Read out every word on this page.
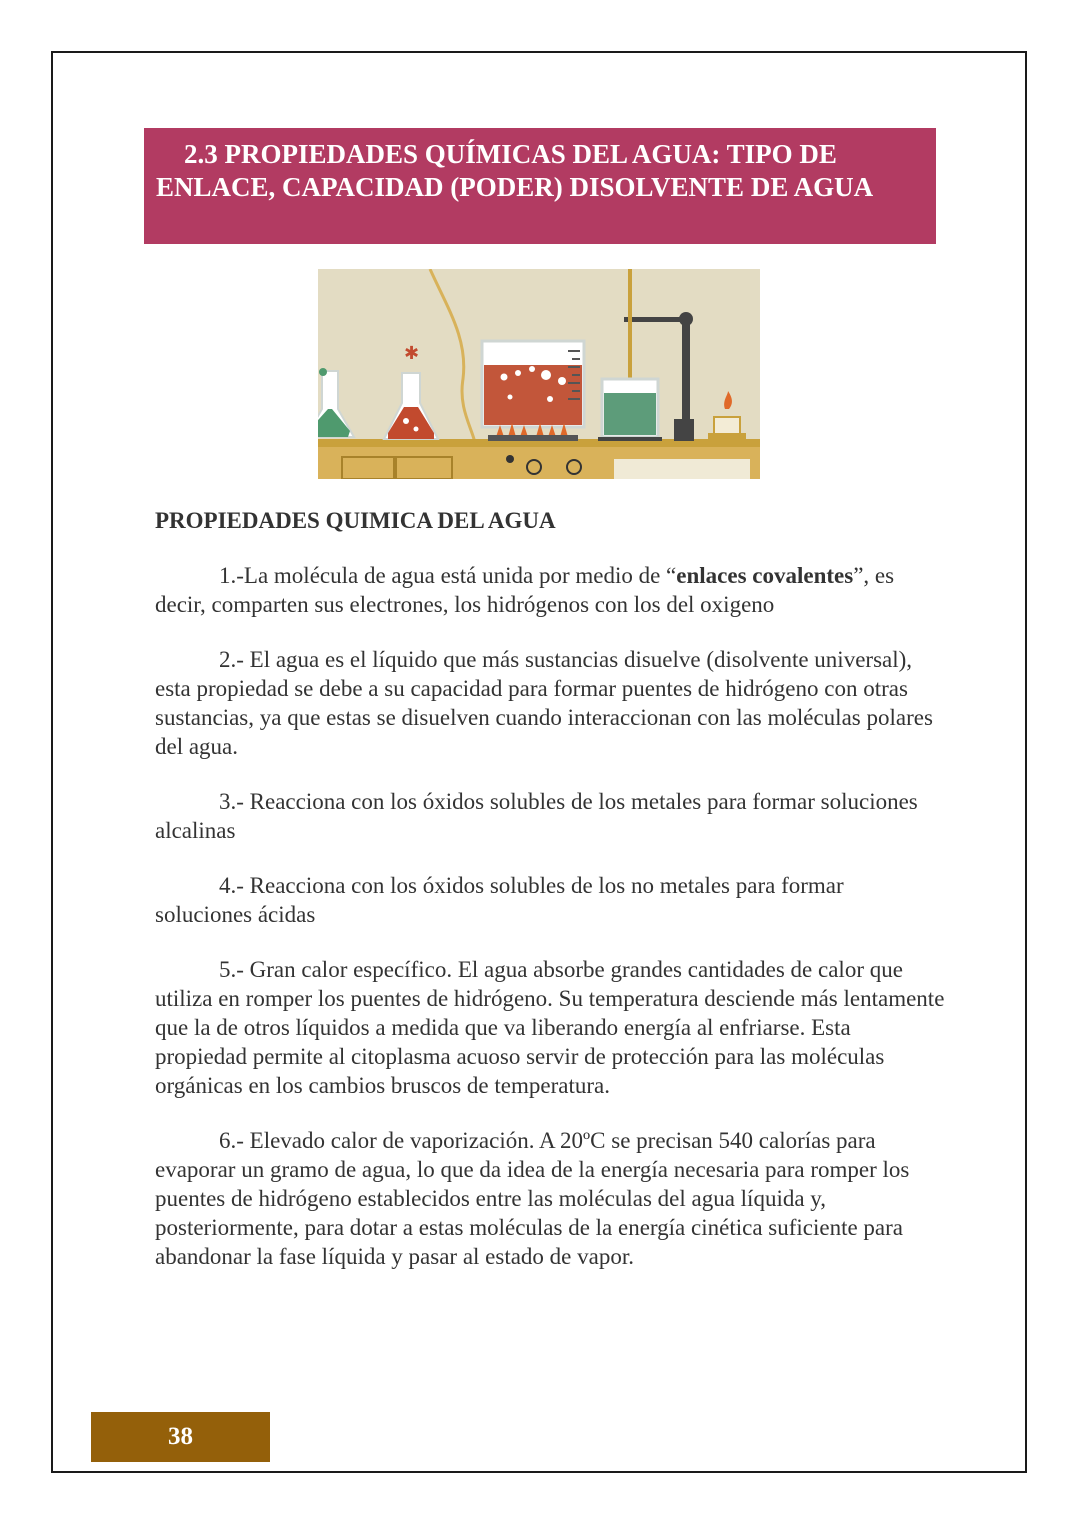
2.3 PROPIEDADES QUÍMICAS DEL AGUA: TIPO DE ENLACE, CAPACIDAD (PODER) DISOLVENTE DE AGUA

✱

PROPIEDADES QUIMICA DEL AGUA

1.-La molécula de agua está unida por medio de “enlaces covalentes”, es decir, comparten sus electrones, los hidrógenos con los del oxigeno

2.- El agua es el líquido que más sustancias disuelve (disolvente universal), esta propiedad se debe a su capacidad para formar puentes de hidrógeno con otras sustancias, ya que estas se disuelven cuando interaccionan con las moléculas polares del agua.

3.- Reacciona con los óxidos solubles de los metales para formar soluciones alcalinas

4.- Reacciona con los óxidos solubles de los no metales para formar soluciones ácidas

5.- Gran calor específico. El agua absorbe grandes cantidades de calor que utiliza en romper los puentes de hidrógeno. Su temperatura desciende más lentamente que la de otros líquidos a medida que va liberando energía al enfriarse. Esta propiedad permite al citoplasma acuoso servir de protección para las moléculas orgánicas en los cambios bruscos de temperatura.

6.- Elevado calor de vaporización. A 20ºC se precisan 540 calorías para evaporar un gramo de agua, lo que da idea de la energía necesaria para romper los puentes de hidrógeno establecidos entre las moléculas del agua líquida y, posteriormente, para dotar a estas moléculas de la energía cinética suficiente para abandonar la fase líquida y pasar al estado de vapor.

38
